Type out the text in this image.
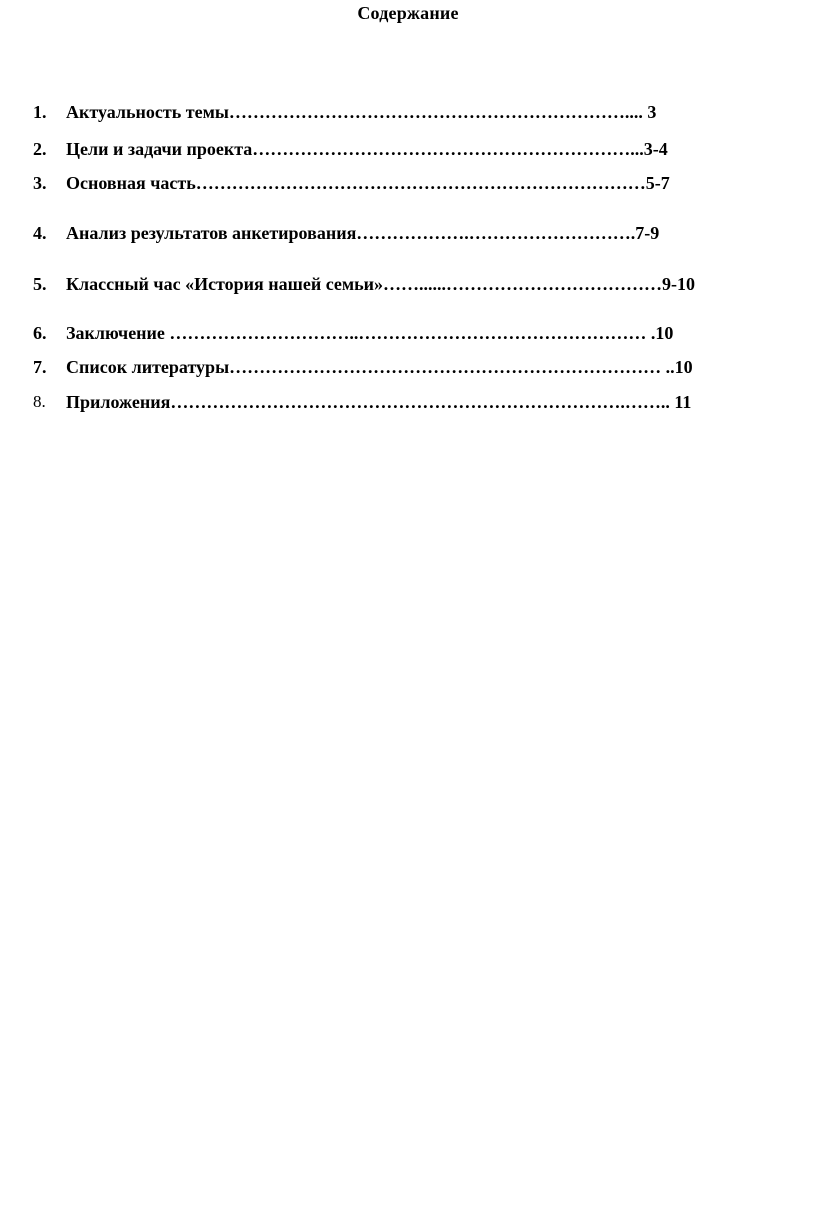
Содержание
1. Актуальность темы………………………………………………………….... 3
2. Цели и задачи проекта………………………………………………………...3-4
3. Основная часть…………………………………………………………………5-7
4. Анализ результатов анкетирования……………….……………………….7-9
5. Классный час «История нашей семьи»……......………………………………9-10
6. Заключение …………………………..………………………………………… .10
7. Список литературы……………………………………………………………… ..10
8. Приложения………………………………………………………………….…….. 11
